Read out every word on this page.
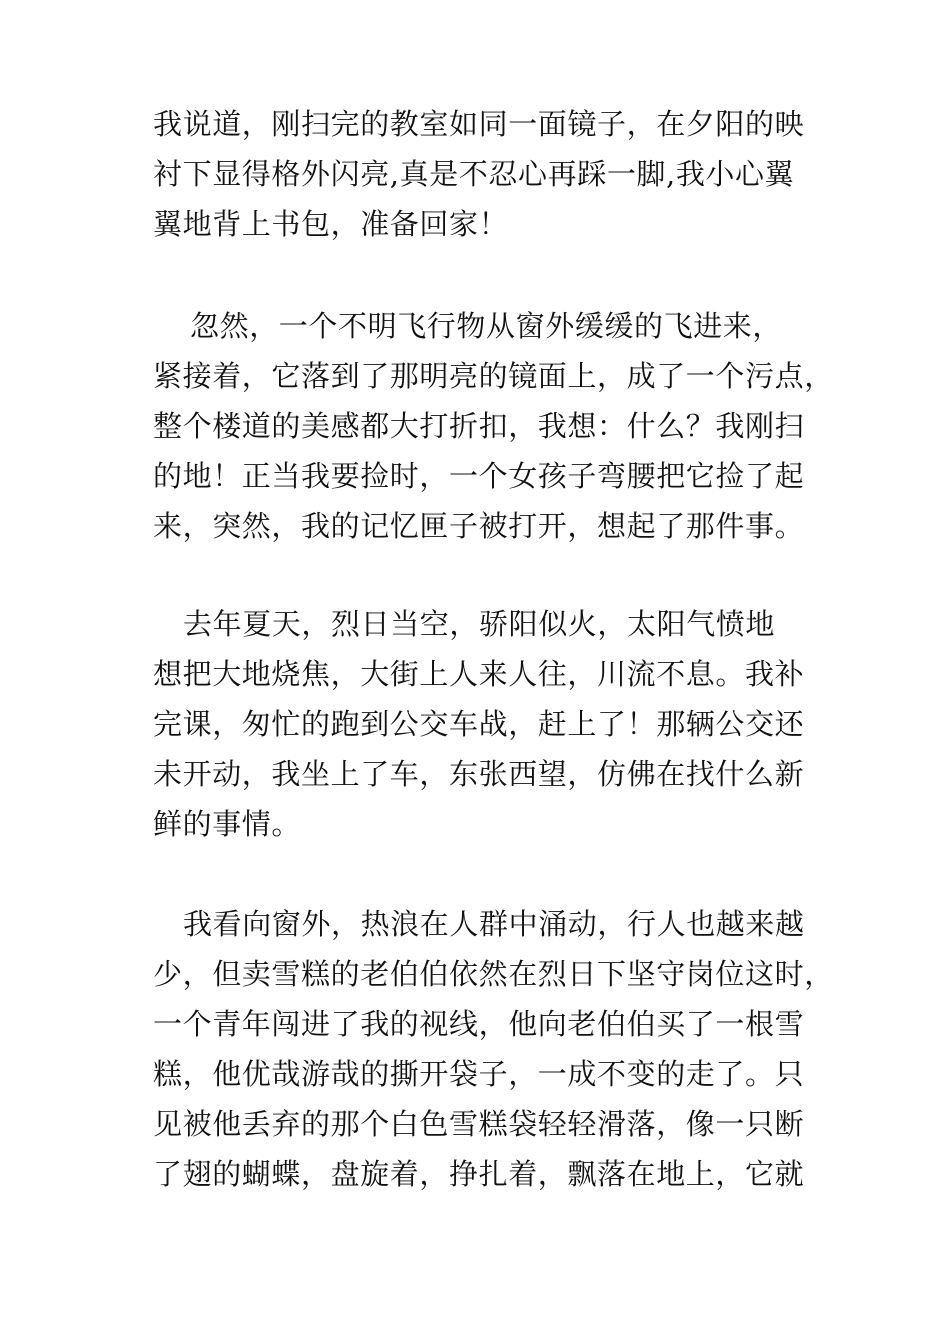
我说道，刚扫完的教室如同一面镜子，在夕阳的映

衬下显得格外闪亮,真是不忍心再踩一脚,我小心翼

翼地背上书包，准备回家！

忽然，一个不明飞行物从窗外缓缓的飞进来，

紧接着，它落到了那明亮的镜面上，成了一个污点，

整个楼道的美感都大打折扣，我想：什么？我刚扫

的地！正当我要捡时，一个女孩子弯腰把它捡了起

来，突然，我的记忆匣子被打开，想起了那件事。

去年夏天，烈日当空，骄阳似火，太阳气愤地

想把大地烧焦，大街上人来人往，川流不息。我补

完课，匆忙的跑到公交车战，赶上了！那辆公交还

未开动，我坐上了车，东张西望，仿佛在找什么新

鲜的事情。

我看向窗外，热浪在人群中涌动，行人也越来越

少，但卖雪糕的老伯伯依然在烈日下坚守岗位这时，

一个青年闯进了我的视线，他向老伯伯买了一根雪

糕，他优哉游哉的撕开袋子，一成不变的走了。只

见被他丢弃的那个白色雪糕袋轻轻滑落，像一只断

了翅的蝴蝶，盘旋着，挣扎着，飘落在地上，它就
